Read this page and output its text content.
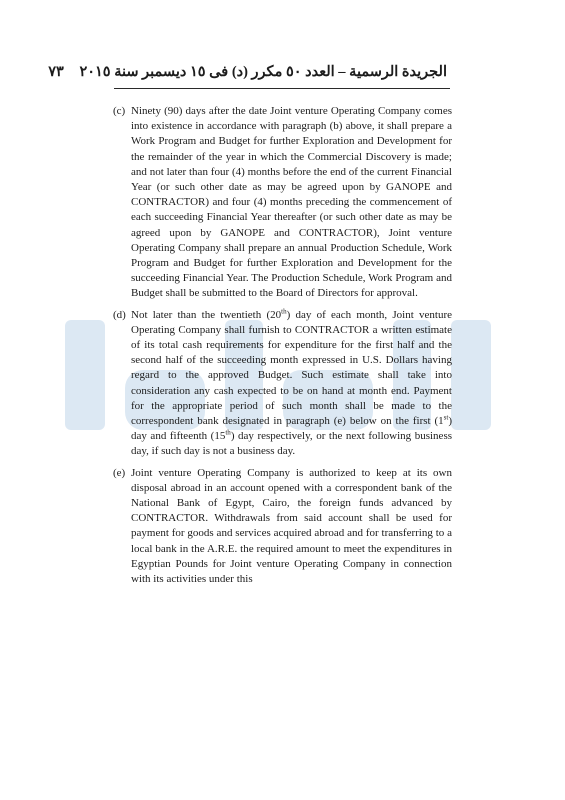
الجريدة الرسمية – العدد ٥٠ مكرر (د) فى ١٥ ديسمبر سنة ٢٠١٥ ٧٣

(c) Ninety (90) days after the date Joint venture Operating Company comes into existence in accordance with paragraph (b) above, it shall prepare a Work Program and Budget for further Exploration and Development for the remainder of the year in which the Commercial Discovery is made; and not later than four (4) months before the end of the current Financial Year (or such other date as may be agreed upon by GANOPE and CONTRACTOR) and four (4) months preceding the commencement of each succeeding Financial Year thereafter (or such other date as may be agreed upon by GANOPE and CONTRACTOR), Joint venture Operating Company shall prepare an annual Production Schedule, Work Program and Budget for further Exploration and Development for the succeeding Financial Year. The Production Schedule, Work Program and Budget shall be submitted to the Board of Directors for approval.

(d) Not later than the twentieth (20th) day of each month, Joint venture Operating Company shall furnish to CONTRACTOR a written estimate of its total cash requirements for expenditure for the first half and the second half of the succeeding month expressed in U.S. Dollars having regard to the approved Budget. Such estimate shall take into consideration any cash expected to be on hand at month end. Payment for the appropriate period of such month shall be made to the correspondent bank designated in paragraph (e) below on the first (1st) day and fifteenth (15th) day respectively, or the next following business day, if such day is not a business day.

(e) Joint venture Operating Company is authorized to keep at its own disposal abroad in an account opened with a correspondent bank of the National Bank of Egypt, Cairo, the foreign funds advanced by CONTRACTOR. Withdrawals from said account shall be used for payment for goods and services acquired abroad and for transferring to a local bank in the A.R.E. the required amount to meet the expenditures in Egyptian Pounds for Joint venture Operating Company in connection with its activities under this
